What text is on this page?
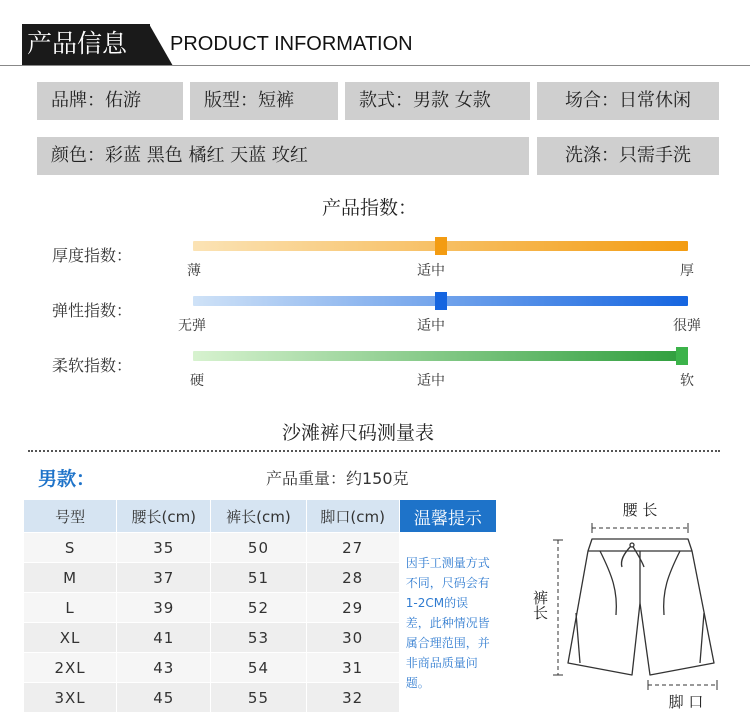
产品信息 PRODUCT INFORMATION
品牌：佑游	版型：短裤	款式：男款 女款	场合：日常休闲
颜色：彩蓝 黑色 橘红 天蓝 玫红	洗涤：只需手洗
产品指数：
厚度指数：
薄	适中	厚
弹性指数：
无弹	适中	很弹
柔软指数：
硬	适中	软
沙滩裤尺码测量表
男款：	产品重量：约150克
号型	腰长(cm)	裤长(cm)	脚口(cm)	温馨提示
S	35	50	27	因手工测量方式不同，尺码会有1-2CM的误差，此种情况皆属合理范围，并非商品质量问题。
M	37	51	28	
L	39	52	29	
XL	41	53	30	
2XL	43	54	31	
3XL	45	55	32	
腰 长
裤长
脚 口
